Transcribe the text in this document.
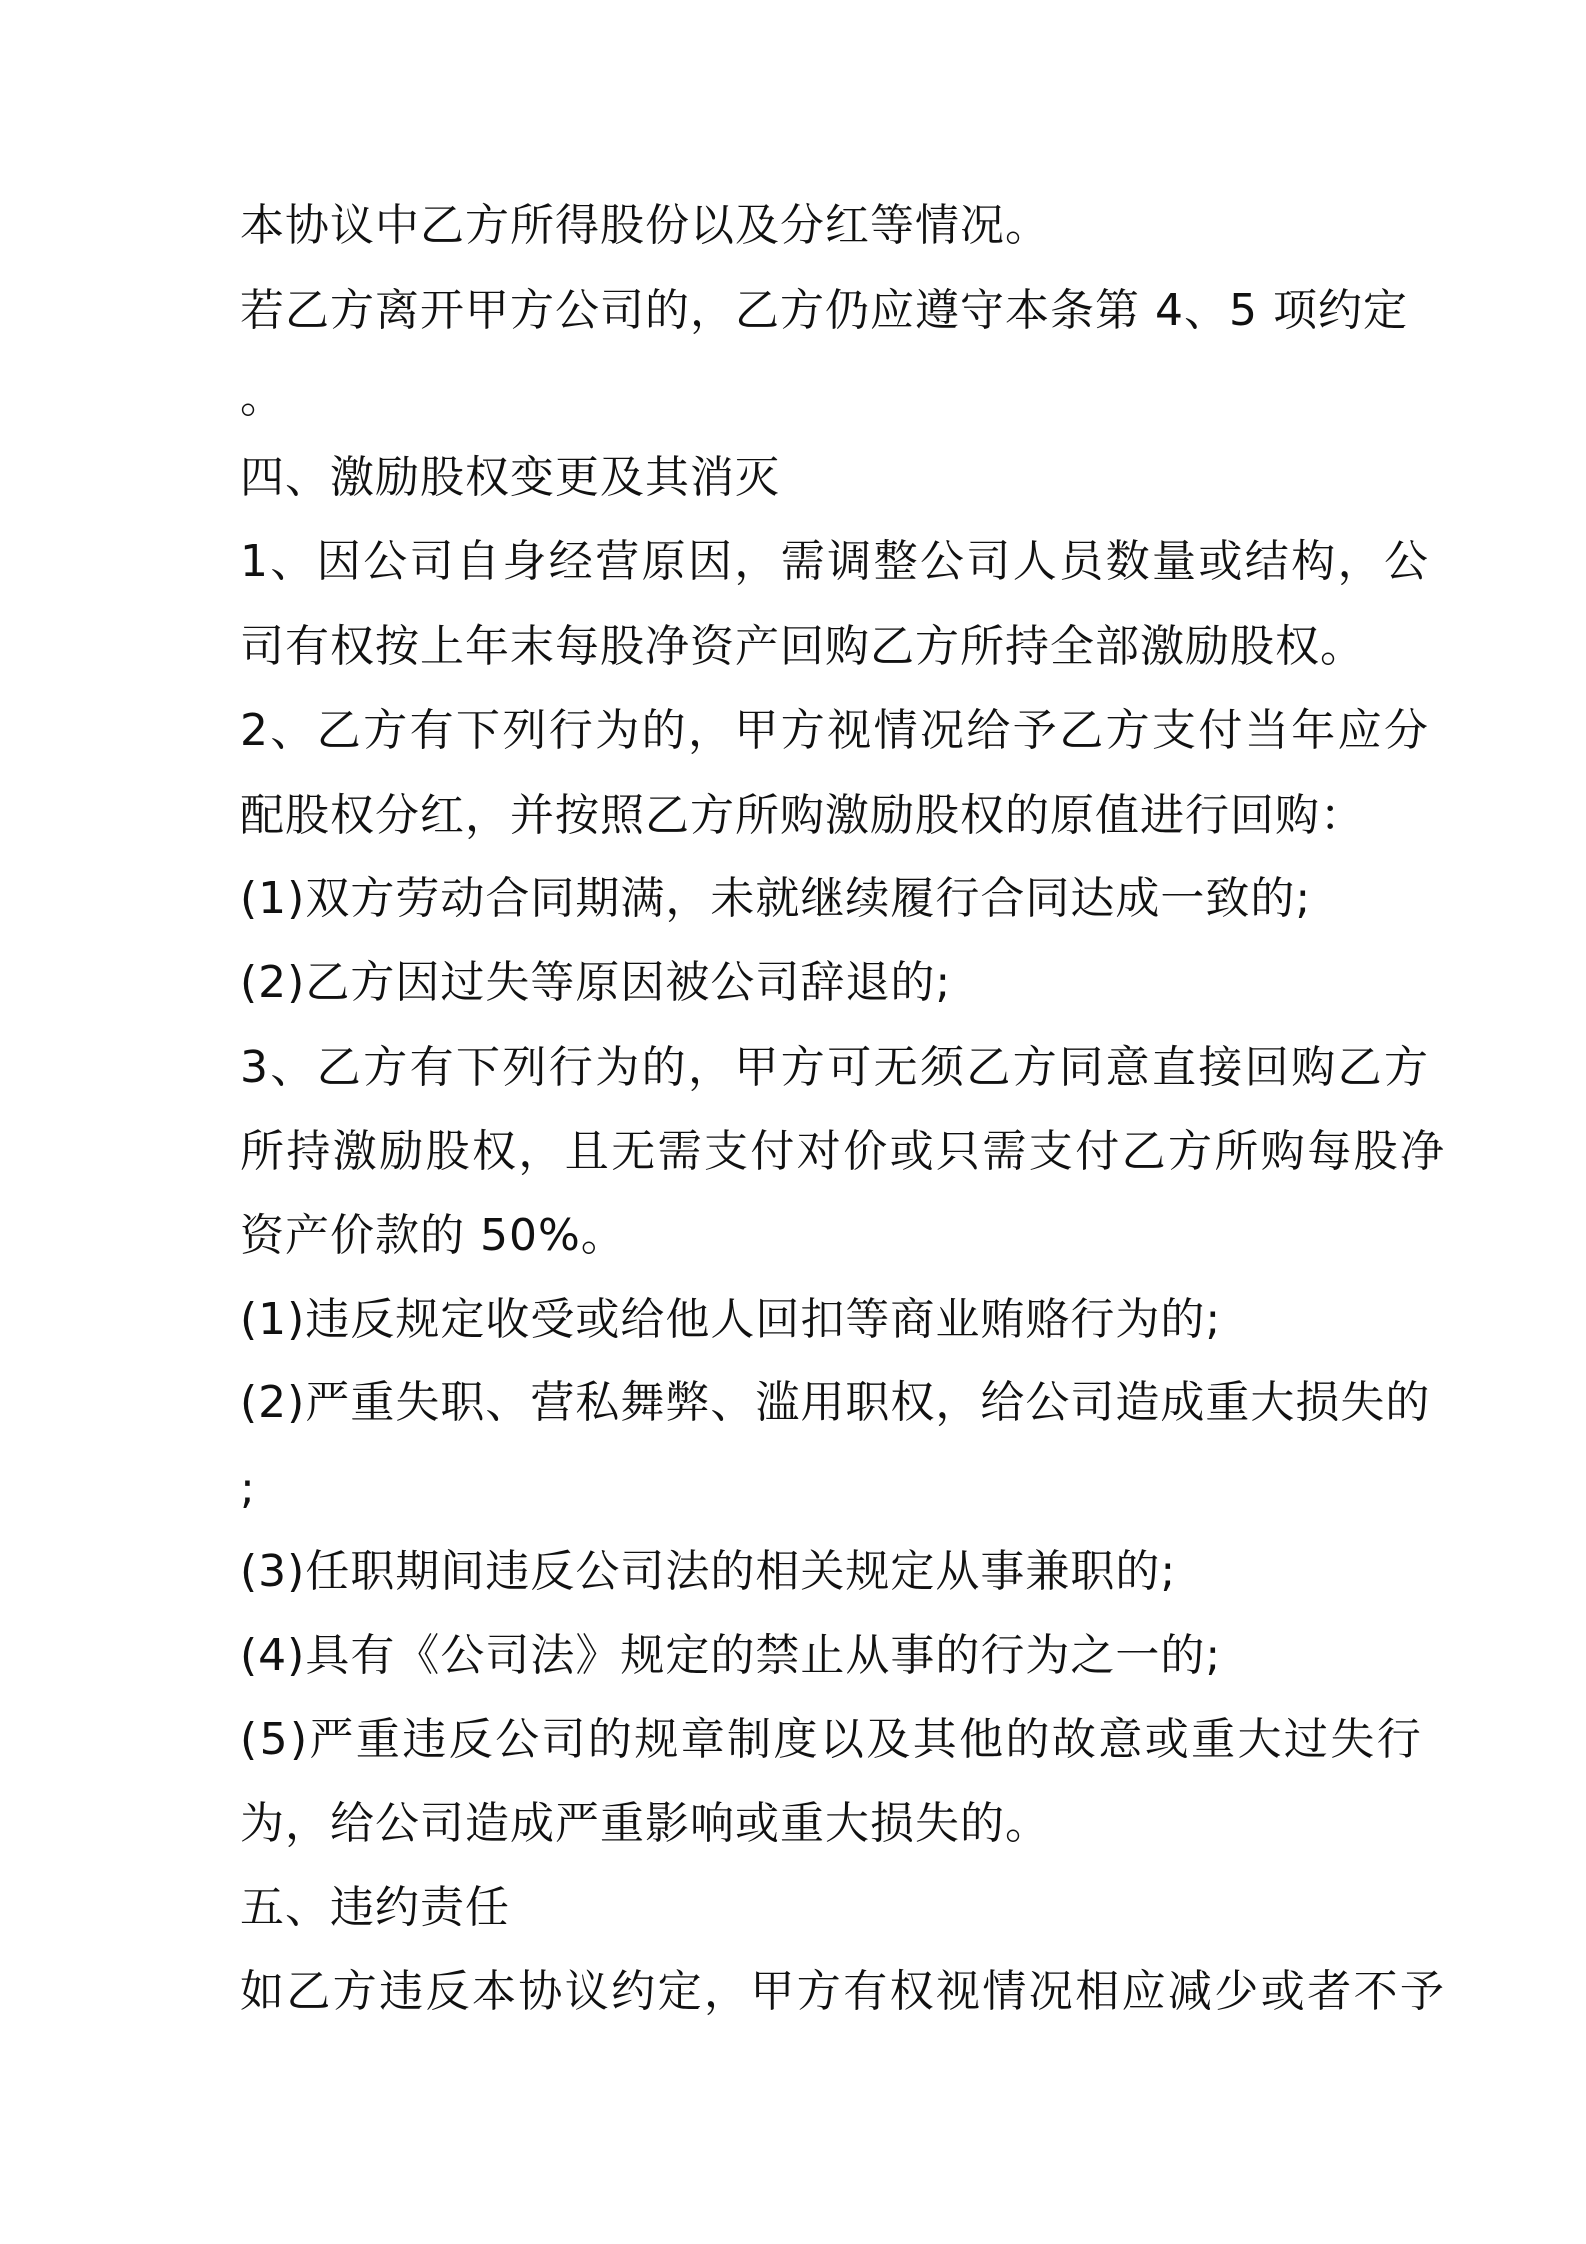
本协议中乙方所得股份以及分红等情况。
若乙方离开甲方公司的，乙方仍应遵守本条第 4、5 项约定
。
四、激励股权变更及其消灭
1、因公司自身经营原因，需调整公司人员数量或结构，公
司有权按上年末每股净资产回购乙方所持全部激励股权。
2、乙方有下列行为的，甲方视情况给予乙方支付当年应分
配股权分红，并按照乙方所购激励股权的原值进行回购：
(1)双方劳动合同期满，未就继续履行合同达成一致的;
(2)乙方因过失等原因被公司辞退的;
3、乙方有下列行为的，甲方可无须乙方同意直接回购乙方
所持激励股权，且无需支付对价或只需支付乙方所购每股净
资产价款的 50%。
(1)违反规定收受或给他人回扣等商业贿赂行为的;
(2)严重失职、营私舞弊、滥用职权，给公司造成重大损失的
;
(3)任职期间违反公司法的相关规定从事兼职的;
(4)具有《公司法》规定的禁止从事的行为之一的;
(5)严重违反公司的规章制度以及其他的故意或重大过失行
为，给公司造成严重影响或重大损失的。
五、违约责任
如乙方违反本协议约定，甲方有权视情况相应减少或者不予
